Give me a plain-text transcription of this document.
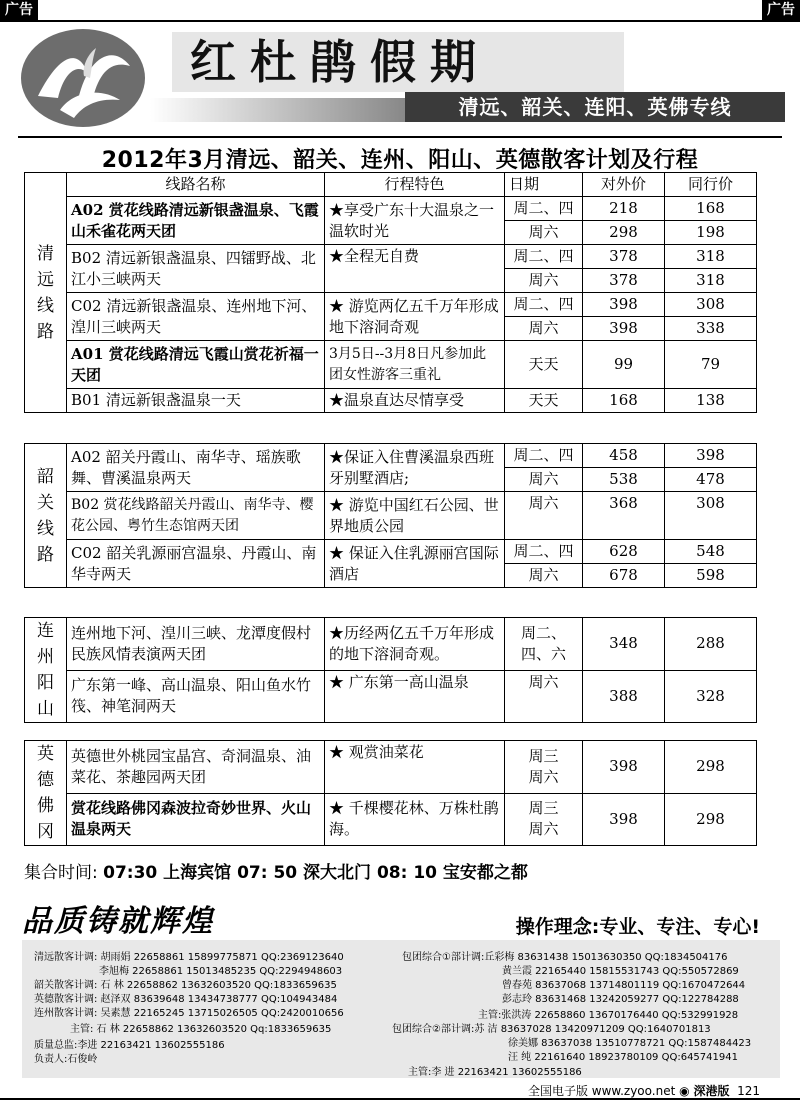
广告	广告
红杜鹃假期
清远、韶关、连阳、英佛专线
2012年3月清远、韶关、连州、阳山、英德散客计划及行程
清远线路	线路名称	行程特色	日期	对外价	同行价
	A02 赏花线路清远新银盏温泉、飞霞山禾雀花两天团	★享受广东十大温泉之一温软时光	周二、四	218	168
			周六	298	198
	B02 清远新银盏温泉、四镭野战、北江小三峡两天	★全程无自费	周二、四	378	318
			周六	378	318
	C02 清远新银盏温泉、连州地下河、湟川三峡两天	★ 游览两亿五千万年形成地下溶洞奇观	周二、四	398	308
			周六	398	338
	A01 赏花线路清远飞霞山赏花祈福一天团	3月5日--3月8日凡参加此团女性游客三重礼	天天	99	79
	B01 清远新银盏温泉一天	★温泉直达尽情享受	天天	168	138
韶关线路	A02 韶关丹霞山、南华寺、瑶族歌舞、曹溪温泉两天	★保证入住曹溪温泉西班牙别墅酒店;	周二、四	458	398
			周六	538	478
	B02 赏花线路韶关丹霞山、南华寺、樱花公园、粤竹生态馆两天团	★ 游览中国红石公园、世界地质公园	周六	368	308
	C02 韶关乳源丽宫温泉、丹霞山、南华寺两天	★ 保证入住乳源丽宫国际酒店	周二、四	628	548
			周六	678	598
连州阳山	连州地下河、湟川三峡、龙潭度假村民族风情表演两天团	★历经两亿五千万年形成的地下溶洞奇观。	周二、四、六	348	288
	广东第一峰、高山温泉、阳山鱼水竹筏、神笔洞两天	★ 广东第一高山温泉	周六	388	328
英德佛冈	英德世外桃园宝晶宫、奇洞温泉、油菜花、茶趣园两天团	★ 观赏油菜花	周三 周六	398	298
	赏花线路佛冈森波拉奇妙世界、火山温泉两天	★ 千棵樱花林、万株杜鹃海。	周三 周六	398	298
集合时间: 07:30 上海宾馆 07: 50 深大北门 08: 10 宝安都之都
品质铸就辉煌	操作理念:专业、专注、专心!
清远散客计调: 胡雨娟 22658861 15899775871 QQ:2369123640
李旭梅 22658861 15013485235 QQ:2294948603
韶关散客计调: 石 林 22658862 13632603520 QQ:1833659635
英德散客计调: 赵泽双 83639648 13434738777 QQ:104943484
连州散客计调: 吴素慧 22165245 13715026505 QQ:2420010656
主管: 石 林 22658862 13632603520 Qq:1833659635
质量总监:李进 22163421 13602555186
负责人:石俊岭
包团综合①部计调:丘彩梅 83631438 15013630350 QQ:1834504176
黄兰霞 22165440 15815531743 QQ:550572869
曾春苑 83637068 13714801119 QQ:1670472644
彭志玲 83631468 13242059277 QQ:122784288
主管:张洪涛 22658860 13670176440 QQ:532991928
包团综合②部计调:苏 洁 83637028 13420971209 QQ:1640701813
徐美娜 83637038 13510778721 QQ:1587484423
汪 纯 22161640 18923780109 QQ:645741941
主管:李 进 22163421 13602555186
全国电子版 www.zyoo.net ◉ 深港版 121
